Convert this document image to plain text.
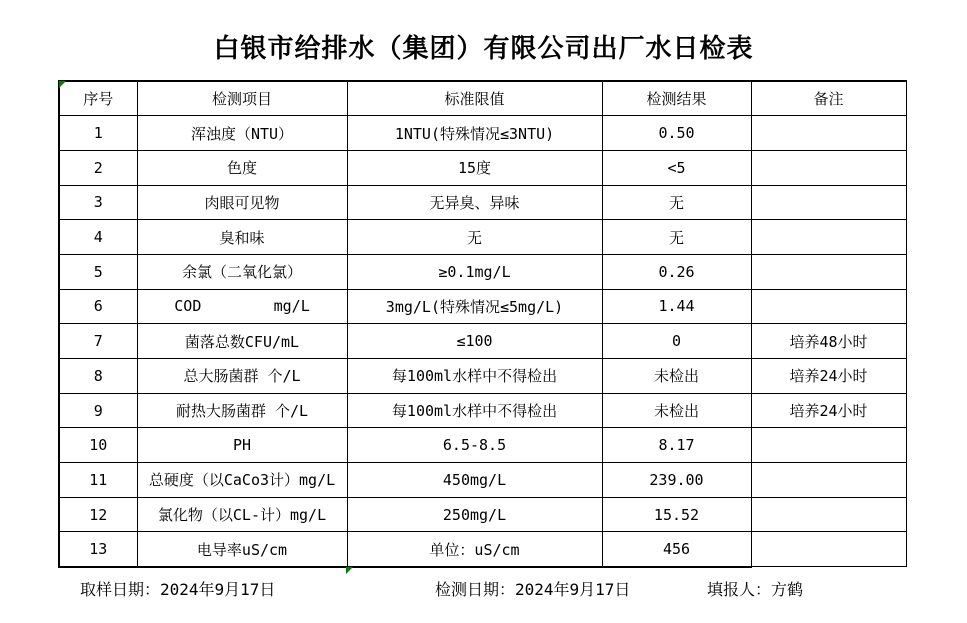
白银市给排水（集团）有限公司出厂水日检表
序号	检测项目	标准限值	检测结果	备注
1	浑浊度（NTU）	1NTU(特殊情况≤3NTU)	0.50	
2	色度	15度	<5	
3	肉眼可见物	无异臭、异味	无	
4	臭和味	无	无	
5	余氯（二氧化氯）	≥0.1mg/L	0.26	
6	COD        mg/L	3mg/L(特殊情况≤5mg/L)	1.44	
7	菌落总数CFU/mL	≤100	0	培养48小时
8	总大肠菌群 个/L	每100ml水样中不得检出	未检出	培养24小时
9	耐热大肠菌群 个/L	每100ml水样中不得检出	未检出	培养24小时
10	PH	6.5-8.5	8.17	
11	总硬度（以CaCo3计）mg/L	450mg/L	239.00	
12	氯化物（以CL-计）mg/L	250mg/L	15.52	
13	电导率uS/cm	单位：uS/cm	456	
取样日期：2024年9月17日	检测日期：2024年9月17日	填报人：方鹤
